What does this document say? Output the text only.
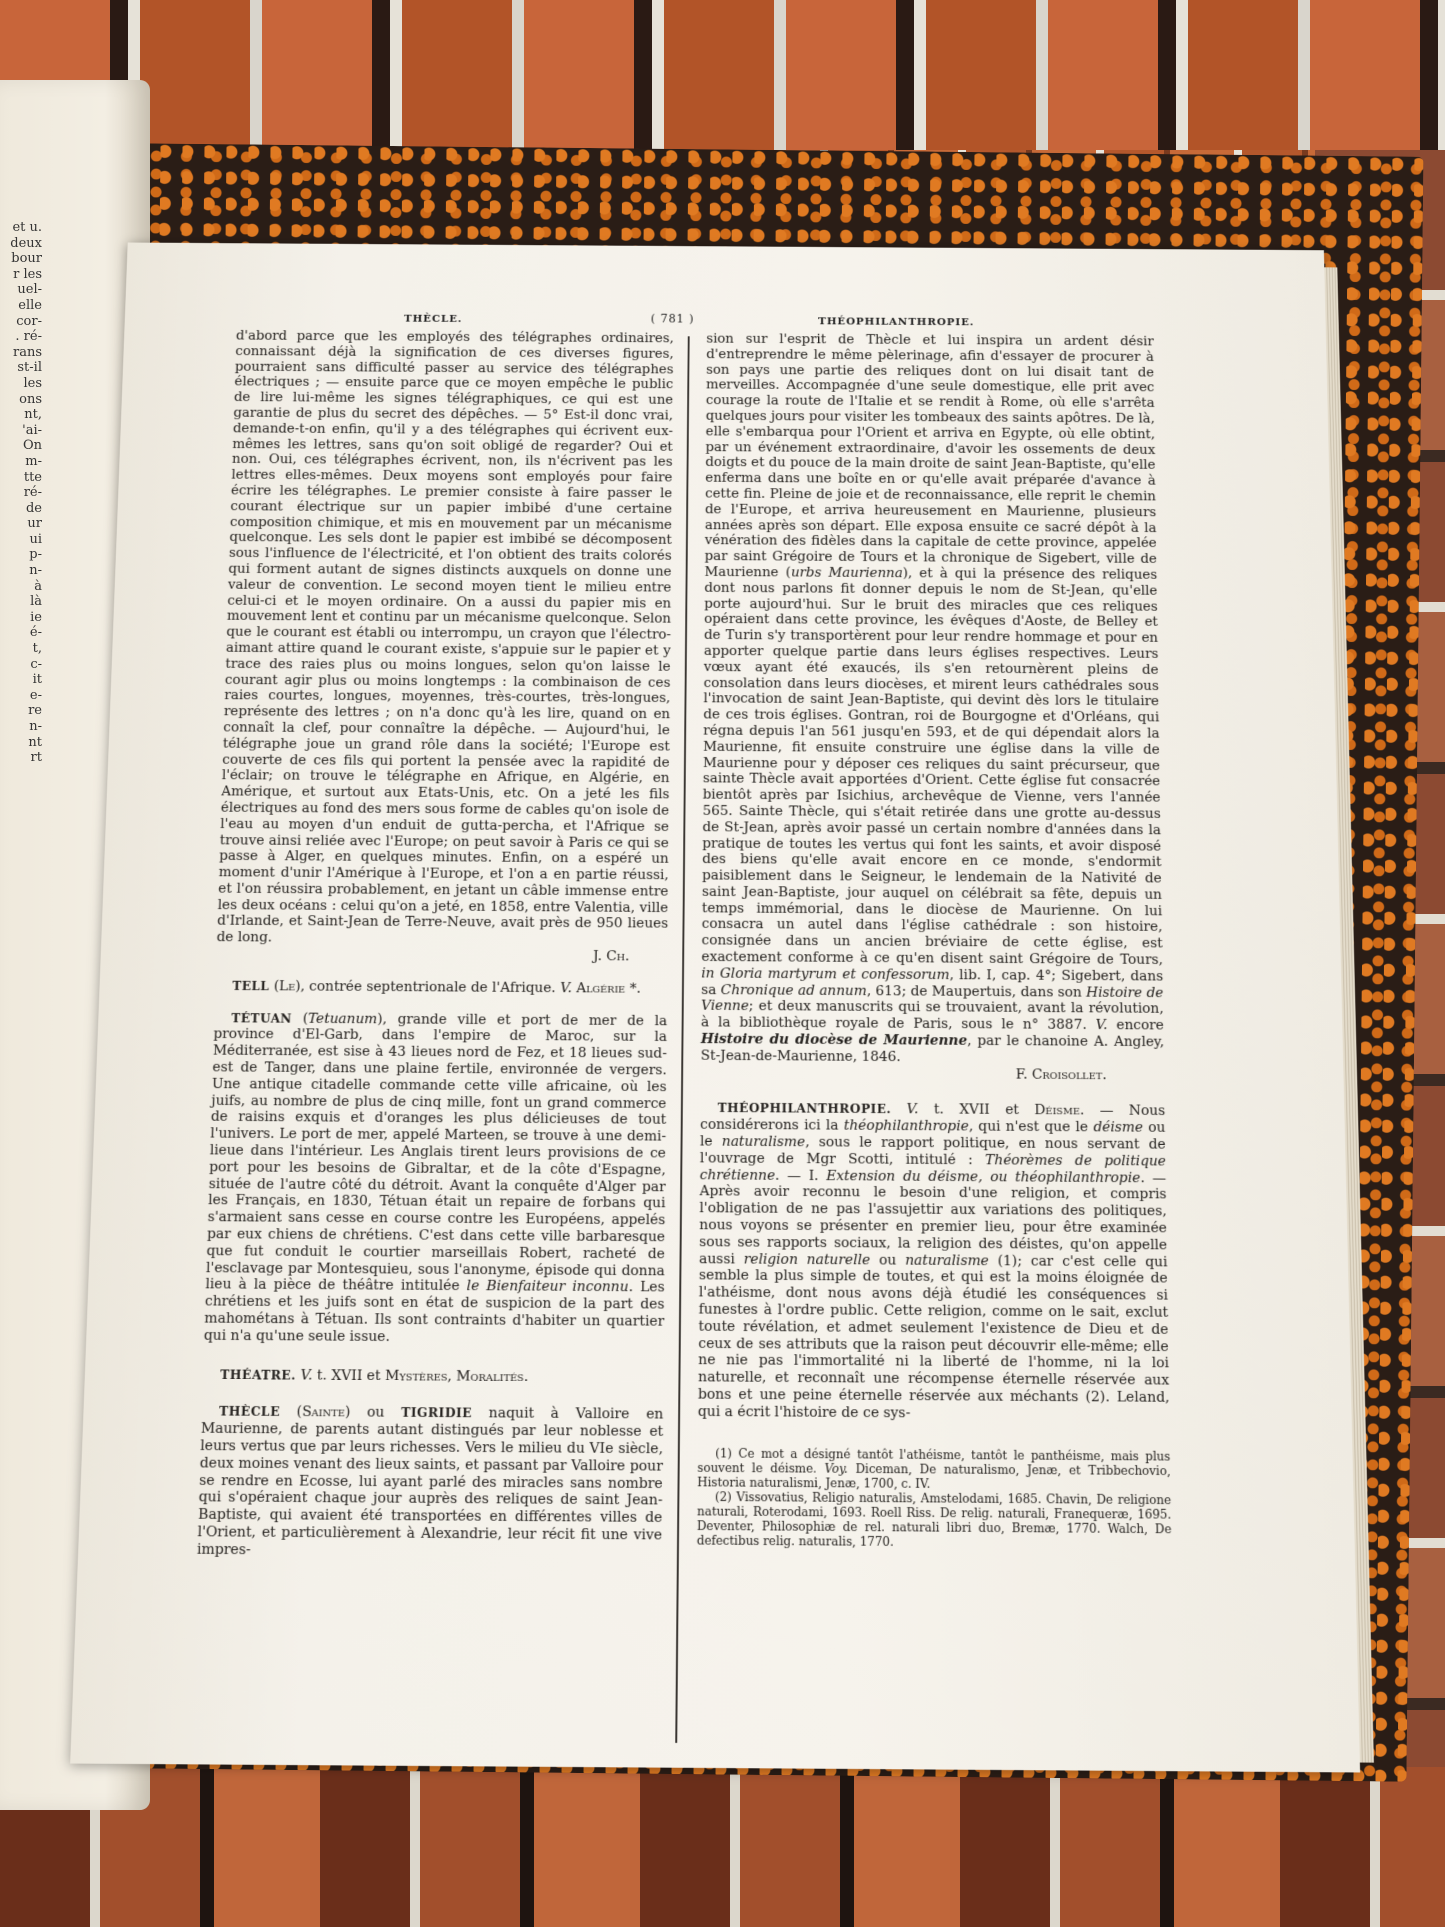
et u.
deux
bour
r les
uel-
elle
cor-
. ré-
rans
st-il
les
ons
nt,
'ai-
On
m-
tte
ré-
de
ur
ui
p-
n-
à
là
ie
é-
t,
c-
it
e-
re
n-
nt
rt
THÈCLE.	( 781 )	THÉOPHILANTHROPIE.

d'abord parce que les employés des télégraphes ordinaires, connaissant déjà la signification de ces diverses figures, pourraient sans difficulté passer au service des télégraphes électriques ; — ensuite parce que ce moyen empêche le public de lire lui-même les signes télégraphiques, ce qui est une garantie de plus du secret des dépêches. — 5° Est-il donc vrai, demande-t-on enfin, qu'il y a des télégraphes qui écrivent eux-mêmes les lettres, sans qu'on soit obligé de regarder? Oui et non. Oui, ces télégraphes écrivent, non, ils n'écrivent pas les lettres elles-mêmes. Deux moyens sont employés pour faire écrire les télégraphes. Le premier consiste à faire passer le courant électrique sur un papier imbibé d'une certaine composition chimique, et mis en mouvement par un mécanisme quelconque. Les sels dont le papier est imbibé se décomposent sous l'influence de l'électricité, et l'on obtient des traits colorés qui forment autant de signes distincts auxquels on donne une valeur de convention. Le second moyen tient le milieu entre celui-ci et le moyen ordinaire. On a aussi du papier mis en mouvement lent et continu par un mécanisme quelconque. Selon que le courant est établi ou interrompu, un crayon que l'électro-aimant attire quand le courant existe, s'appuie sur le papier et y trace des raies plus ou moins longues, selon qu'on laisse le courant agir plus ou moins longtemps : la combinaison de ces raies courtes, longues, moyennes, très-courtes, très-longues, représente des lettres ; on n'a donc qu'à les lire, quand on en connaît la clef, pour connaître la dépêche. — Aujourd'hui, le télégraphe joue un grand rôle dans la société; l'Europe est couverte de ces fils qui portent la pensée avec la rapidité de l'éclair; on trouve le télégraphe en Afrique, en Algérie, en Amérique, et surtout aux Etats-Unis, etc. On a jeté les fils électriques au fond des mers sous forme de cables qu'on isole de l'eau au moyen d'un enduit de gutta-percha, et l'Afrique se trouve ainsi reliée avec l'Europe; on peut savoir à Paris ce qui se passe à Alger, en quelques minutes. Enfin, on a espéré un moment d'unir l'Amérique à l'Europe, et l'on a en partie réussi, et l'on réussira probablement, en jetant un câble immense entre les deux océans : celui qu'on a jeté, en 1858, entre Valentia, ville d'Irlande, et Saint-Jean de Terre-Neuve, avait près de 950 lieues de long.

J. Ch.

TELL (Le), contrée septentrionale de l'Afrique. V. Algérie *.

TÉTUAN (Tetuanum), grande ville et port de mer de la province d'El-Garb, dans l'empire de Maroc, sur la Méditerranée, est sise à 43 lieues nord de Fez, et 18 lieues sud-est de Tanger, dans une plaine fertile, environnée de vergers. Une antique citadelle commande cette ville africaine, où les juifs, au nombre de plus de cinq mille, font un grand commerce de raisins exquis et d'oranges les plus délicieuses de tout l'univers. Le port de mer, appelé Marteen, se trouve à une demi-lieue dans l'intérieur. Les Anglais tirent leurs provisions de ce port pour les besoins de Gibraltar, et de la côte d'Espagne, située de l'autre côté du détroit. Avant la conquête d'Alger par les Français, en 1830, Tétuan était un repaire de forbans qui s'armaient sans cesse en course contre les Européens, appelés par eux chiens de chrétiens. C'est dans cette ville barbaresque que fut conduit le courtier marseillais Robert, racheté de l'esclavage par Montesquieu, sous l'anonyme, épisode qui donna lieu à la pièce de théâtre intitulée le Bienfaiteur inconnu. Les chrétiens et les juifs sont en état de suspicion de la part des mahométans à Tétuan. Ils sont contraints d'habiter un quartier qui n'a qu'une seule issue.

THÉATRE. V. t. XVII et Mystères, Moralités.

THÈCLE (Sainte) ou TIGRIDIE naquit à Valloire en Maurienne, de parents autant distingués par leur noblesse et leurs vertus que par leurs richesses. Vers le milieu du VIe siècle, deux moines venant des lieux saints, et passant par Valloire pour se rendre en Ecosse, lui ayant parlé des miracles sans nombre qui s'opéraient chaque jour auprès des reliques de saint Jean-Baptiste, qui avaient été transportées en différentes villes de l'Orient, et particulièrement à Alexandrie, leur récit fit une vive impres-

sion sur l'esprit de Thècle et lui inspira un ardent désir d'entreprendre le même pèlerinage, afin d'essayer de procurer à son pays une partie des reliques dont on lui disait tant de merveilles. Accompagnée d'une seule domestique, elle prit avec courage la route de l'Italie et se rendit à Rome, où elle s'arrêta quelques jours pour visiter les tombeaux des saints apôtres. De là, elle s'embarqua pour l'Orient et arriva en Egypte, où elle obtint, par un événement extraordinaire, d'avoir les ossements de deux doigts et du pouce de la main droite de saint Jean-Baptiste, qu'elle enferma dans une boîte en or qu'elle avait préparée d'avance à cette fin. Pleine de joie et de reconnaissance, elle reprit le chemin de l'Europe, et arriva heureusement en Maurienne, plusieurs années après son départ. Elle exposa ensuite ce sacré dépôt à la vénération des fidèles dans la capitale de cette province, appelée par saint Grégoire de Tours et la chronique de Sigebert, ville de Maurienne (urbs Maurienna), et à qui la présence des reliques dont nous parlons fit donner depuis le nom de St-Jean, qu'elle porte aujourd'hui. Sur le bruit des miracles que ces reliques opéraient dans cette province, les évêques d'Aoste, de Belley et de Turin s'y transportèrent pour leur rendre hommage et pour en apporter quelque partie dans leurs églises respectives. Leurs vœux ayant été exaucés, ils s'en retournèrent pleins de consolation dans leurs diocèses, et mirent leurs cathédrales sous l'invocation de saint Jean-Baptiste, qui devint dès lors le titulaire de ces trois églises. Gontran, roi de Bourgogne et d'Orléans, qui régna depuis l'an 561 jusqu'en 593, et de qui dépendait alors la Maurienne, fit ensuite construire une église dans la ville de Maurienne pour y déposer ces reliques du saint précurseur, que sainte Thècle avait apportées d'Orient. Cette église fut consacrée bientôt après par Isichius, archevêque de Vienne, vers l'année 565. Sainte Thècle, qui s'était retirée dans une grotte au-dessus de St-Jean, après avoir passé un certain nombre d'années dans la pratique de toutes les vertus qui font les saints, et avoir disposé des biens qu'elle avait encore en ce monde, s'endormit paisiblement dans le Seigneur, le lendemain de la Nativité de saint Jean-Baptiste, jour auquel on célébrait sa fête, depuis un temps immémorial, dans le diocèse de Maurienne. On lui consacra un autel dans l'église cathédrale : son histoire, consignée dans un ancien bréviaire de cette église, est exactement conforme à ce qu'en disent saint Grégoire de Tours, in Gloria martyrum et confessorum, lib. I, cap. 4°; Sigebert, dans sa Chronique ad annum, 613; de Maupertuis, dans son Histoire de Vienne; et deux manuscrits qui se trouvaient, avant la révolution, à la bibliothèque royale de Paris, sous le n° 3887. V. encore Histoire du diocèse de Maurienne, par le chanoine A. Angley, St-Jean-de-Maurienne, 1846.

F. Croisollet.

THÉOPHILANTHROPIE. V. t. XVII et Déisme. — Nous considérerons ici la théophilanthropie, qui n'est que le déisme ou le naturalisme, sous le rapport politique, en nous servant de l'ouvrage de Mgr Scotti, intitulé : Théorèmes de politique chrétienne. — I. Extension du déisme, ou théophilanthropie. — Après avoir reconnu le besoin d'une religion, et compris l'obligation de ne pas l'assujettir aux variations des politiques, nous voyons se présenter en premier lieu, pour être examinée sous ses rapports sociaux, la religion des déistes, qu'on appelle aussi religion naturelle ou naturalisme (1); car c'est celle qui semble la plus simple de toutes, et qui est la moins éloignée de l'athéisme, dont nous avons déjà étudié les conséquences si funestes à l'ordre public. Cette religion, comme on le sait, exclut toute révélation, et admet seulement l'existence de Dieu et de ceux de ses attributs que la raison peut découvrir elle-même; elle ne nie pas l'immortalité ni la liberté de l'homme, ni la loi naturelle, et reconnaît une récompense éternelle réservée aux bons et une peine éternelle réservée aux méchants (2). Leland, qui a écrit l'histoire de ce sys-

(1) Ce mot a désigné tantôt l'athéisme, tantôt le panthéisme, mais plus souvent le déisme. Voy. Diceman, De naturalismo, Jenæ, et Tribbechovio, Historia naturalismi, Jenæ, 1700, c. IV.

(2) Vissovatius, Religio naturalis, Amstelodami, 1685. Chavin, De religione naturali, Roterodami, 1693. Roell Riss. De relig. naturali, Franequeræ, 1695. Deventer, Philosophiæ de rel. naturali libri duo, Bremæ, 1770. Walch, De defectibus relig. naturalis, 1770.
